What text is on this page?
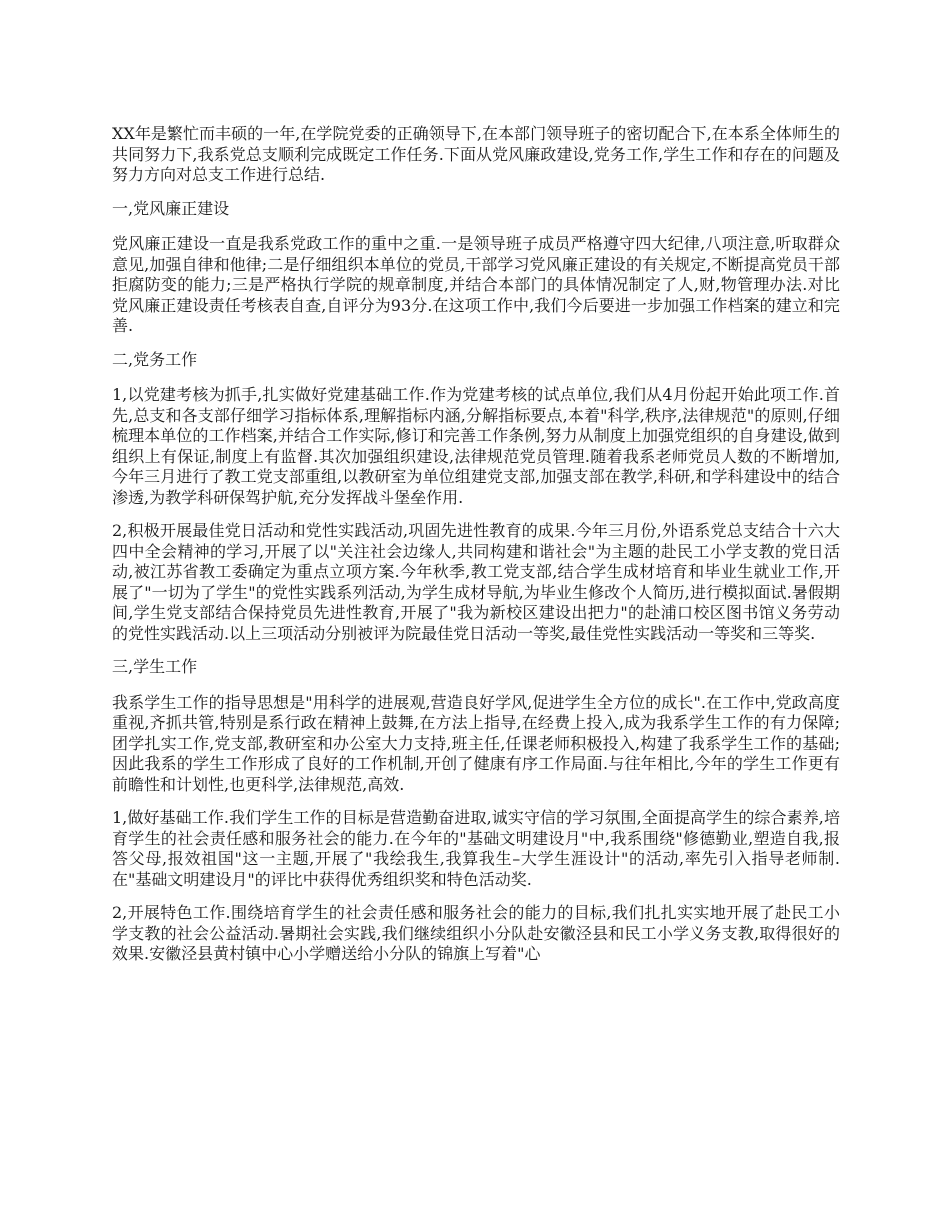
XX年是繁忙而丰硕的一年,在学院党委的正确领导下,在本部门领导班子的密切配合下,在本系全体师生的共同努力下,我系党总支顺利完成既定工作任务.下面从党风廉政建设,党务工作,学生工作和存在的问题及努力方向对总支工作进行总结.

一,党风廉正建设

党风廉正建设一直是我系党政工作的重中之重.一是领导班子成员严格遵守四大纪律,八项注意,听取群众意见,加强自律和他律;二是仔细组织本单位的党员,干部学习党风廉正建设的有关规定,不断提高党员干部拒腐防变的能力;三是严格执行学院的规章制度,并结合本部门的具体情况制定了人,财,物管理办法.对比党风廉正建设责任考核表自查,自评分为93分.在这项工作中,我们今后要进一步加强工作档案的建立和完善.

二,党务工作

1,以党建考核为抓手,扎实做好党建基础工作.作为党建考核的试点单位,我们从4月份起开始此项工作.首先,总支和各支部仔细学习指标体系,理解指标内涵,分解指标要点,本着"科学,秩序,法律规范"的原则,仔细梳理本单位的工作档案,并结合工作实际,修订和完善工作条例,努力从制度上加强党组织的自身建设,做到组织上有保证,制度上有监督.其次加强组织建设,法律规范党员管理.随着我系老师党员人数的不断增加,今年三月进行了教工党支部重组,以教研室为单位组建党支部,加强支部在教学,科研,和学科建设中的结合渗透,为教学科研保驾护航,充分发挥战斗堡垒作用.

2,积极开展最佳党日活动和党性实践活动,巩固先进性教育的成果.今年三月份,外语系党总支结合十六大四中全会精神的学习,开展了以"关注社会边缘人,共同构建和谐社会"为主题的赴民工小学支教的党日活动,被江苏省教工委确定为重点立项方案.今年秋季,教工党支部,结合学生成材培育和毕业生就业工作,开展了"一切为了学生"的党性实践系列活动,为学生成材导航,为毕业生修改个人简历,进行模拟面试.暑假期间,学生党支部结合保持党员先进性教育,开展了"我为新校区建设出把力"的赴浦口校区图书馆义务劳动的党性实践活动.以上三项活动分别被评为院最佳党日活动一等奖,最佳党性实践活动一等奖和三等奖.

三,学生工作

我系学生工作的指导思想是"用科学的进展观,营造良好学风,促进学生全方位的成长".在工作中,党政高度重视,齐抓共管,特别是系行政在精神上鼓舞,在方法上指导,在经费上投入,成为我系学生工作的有力保障;团学扎实工作,党支部,教研室和办公室大力支持,班主任,任课老师积极投入,构建了我系学生工作的基础;因此我系的学生工作形成了良好的工作机制,开创了健康有序工作局面.与往年相比,今年的学生工作更有前瞻性和计划性,也更科学,法律规范,高效.

1,做好基础工作.我们学生工作的目标是营造勤奋进取,诚实守信的学习氛围,全面提高学生的综合素养,培育学生的社会责任感和服务社会的能力.在今年的"基础文明建设月"中,我系围绕"修德勤业,塑造自我,报答父母,报效祖国"这一主题,开展了"我绘我生,我算我生–大学生涯设计"的活动,率先引入指导老师制.在"基础文明建设月"的评比中获得优秀组织奖和特色活动奖.

2,开展特色工作.围绕培育学生的社会责任感和服务社会的能力的目标,我们扎扎实实地开展了赴民工小学支教的社会公益活动.暑期社会实践,我们继续组织小分队赴安徽泾县和民工小学义务支教,取得很好的效果.安徽泾县黄村镇中心小学赠送给小分队的锦旗上写着"心
